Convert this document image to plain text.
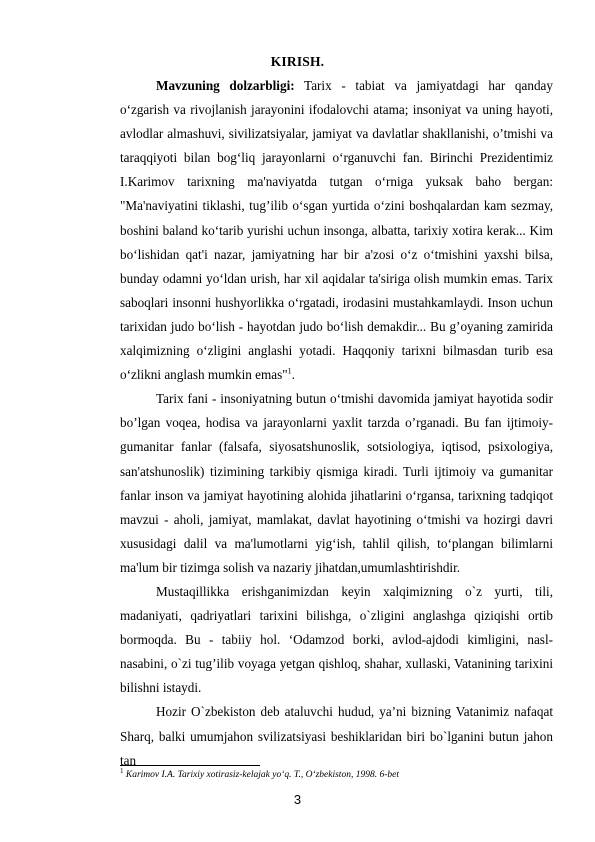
KIRISH.

Mavzuning dolzarbligi: Tarix - tabiat va jamiyatdagi har qanday o‘zgarish va rivojlanish jarayonini ifodalovchi atama; insoniyat va uning hayoti, avlodlar almashuvi, sivilizatsiyalar, jamiyat va davlatlar shakllanishi, o’tmishi va taraqqiyoti bilan bog‘liq jarayonlarni o‘rganuvchi fan. Birinchi Prezidentimiz I.Karimov tarixning ma'naviyatda tutgan o‘rniga yuksak baho bergan: "Ma'naviyatini tiklashi, tug’ilib o‘sgan yurtida o‘zini boshqalardan kam sezmay, boshini baland ko‘tarib yurishi uchun insonga, albatta, tarixiy xotira kerak... Kim bo‘lishidan qat'i nazar, jamiyatning har bir a'zosi o‘z o‘tmishini yaxshi bilsa, bunday odamni yo‘ldan urish, har xil aqidalar ta'siriga olish mumkin emas. Tarix saboqlari insonni hushyorlikka o‘rgatadi, irodasini mustahkamlaydi. Inson uchun tarixidan judo bo‘lish - hayotdan judo bo‘lish demakdir... Bu g’oyaning zamirida xalqimizning o‘zligini anglashi yotadi. Haqqoniy tarixni bilmasdan turib esa o‘zlikni anglash mumkin emas"$^1$.

Tarix fani - insoniyatning butun o‘tmishi davomida jamiyat hayotida sodir bo’lgan voqea, hodisa va jarayonlarni yaxlit tarzda o’rganadi. Bu fan ijtimoiy-gumanitar fanlar (falsafa, siyosatshunoslik, sotsiologiya, iqtisod, psixologiya, san'atshunoslik) tizimining tarkibiy qismiga kiradi. Turli ijtimoiy va gumanitar fanlar inson va jamiyat hayotining alohida jihatlarini o‘rgansa, tarixning tadqiqot mavzui - aholi, jamiyat, mamlakat, davlat hayotining o‘tmishi va hozirgi davri xususidagi dalil va ma'lumotlarni yig‘ish, tahlil qilish, to‘plangan bilimlarni ma'lum bir tizimga solish va nazariy jihatdan,umumlashtirishdir.

Mustaqillikka erishganimizdan keyin xalqimizning o`z yurti, tili, madaniyati, qadriyatlari tarixini bilishga, o`zligini anglashga qiziqishi ortib bormoqda. Bu - tabiiy hol. ‘Odamzod borki, avlod-ajdodi kimligini, nasl-nasabini, o`zi tug’ilib voyaga yetgan qishloq, shahar, xullaski, Vatanining tarixini bilishni istaydi.

Hozir O`zbekiston deb ataluvchi hudud, ya’ni bizning Vatanimiz nafaqat Sharq, balki umumjahon svilizatsiyasi beshiklaridan biri bo`lganini butun jahon tan

$^1$ Karimov I.A. Tarixiy xotirasiz-kelajak yo‘q. T., O‘zbekiston, 1998. 6-bet
3
